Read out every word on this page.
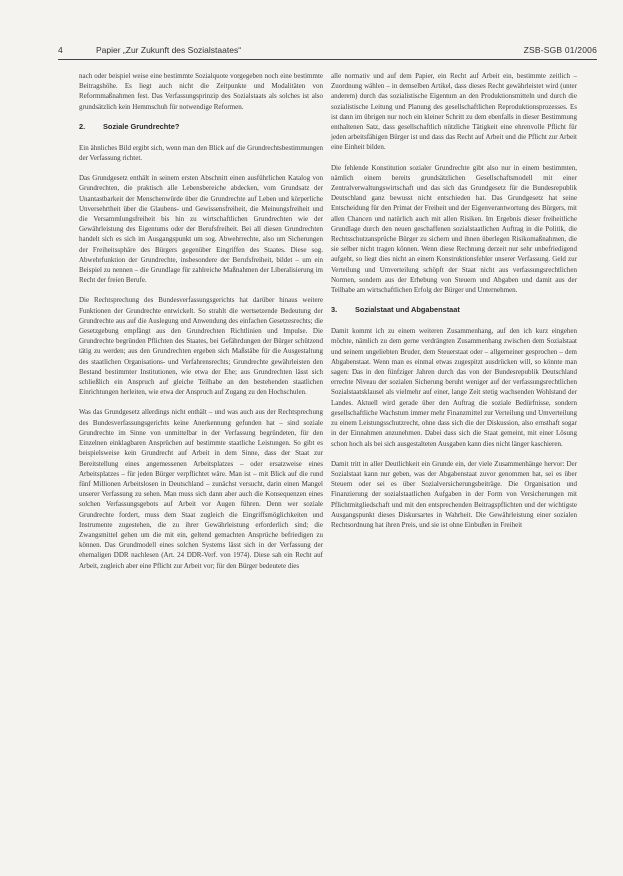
4	Papier „Zur Zukunft des Sozialstaates“	ZSB-SGB 01/2006

nach oder beispiel weise eine bestimmte Sozialquote vorgegeben noch eine bestimmte Beitragshöhe. Es liegt auch nicht die Zeitpunkte und Modalitäten von Reformmaßnahmen fest. Das Verfassungsprinzip des Sozialstaats als solches ist also grundsätzlich kein Hemmschuh für notwendige Reformen.

2. Soziale Grundrechte?

Ein ähnliches Bild ergibt sich, wenn man den Blick auf die Grundrechtsbestimmungen der Verfassung richtet.

Das Grundgesetz enthält in seinem ersten Abschnitt einen ausführlichen Katalog von Grundrechten, die praktisch alle Lebensbereiche abdecken, vom Grundsatz der Unantastbarkeit der Menschenwürde über die Grundrechte auf Leben und körperliche Unversehrtheit über die Glaubens- und Gewissensfreiheit, die Meinungsfreiheit und die Versammlungsfreiheit bis hin zu wirtschaftlichen Grundrechten wie der Gewährleistung des Eigentums oder der Berufsfreiheit. Bei all diesen Grundrechten handelt sich es sich im Ausgangspunkt um sog. Abwehrrechte, also um Sicherungen der Freiheitssphäre des Bürgers gegenüber Eingriffen des Staates. Diese sog. Abwehrfunktion der Grundrechte, insbesondere der Berufsfreiheit, bildet – um ein Beispiel zu nennen – die Grundlage für zahlreiche Maßnahmen der Liberalisierung im Recht der freien Berufe.

Die Rechtsprechung des Bundesverfassungsgerichts hat darüber hinaus weitere Funktionen der Grundrechte entwickelt. So strahlt die wertsetzende Bedeutung der Grundrechte aus auf die Auslegung und Anwendung des einfachen Gesetzesrechts; die Gesetzgebung empfängt aus den Grundrechten Richtlinien und Impulse. Die Grundrechte begründen Pflichten des Staates, bei Gefährdungen der Bürger schützend tätig zu werden; aus den Grundrechten ergeben sich Maßstäbe für die Ausgestaltung des staatlichen Organisations- und Verfahrensrechts; Grundrechte gewährleisten den Bestand bestimmter Institutionen, wie etwa der Ehe; aus Grundrechten lässt sich schließlich ein Anspruch auf gleiche Teilhabe an den bestehenden staatlichen Einrichtungen herleiten, wie etwa der Anspruch auf Zugang zu den Hochschulen.

Was das Grundgesetz allerdings nicht enthält – und was auch aus der Rechtsprechung des Bundesverfassungsgerichts keine Anerkennung gefunden hat – sind soziale Grundrechte im Sinne von unmittelbar in der Verfassung begründeten, für den Einzelnen einklagbaren Ansprüchen auf bestimmte staatliche Leistungen. So gibt es beispielsweise kein Grundrecht auf Arbeit in dem Sinne, dass der Staat zur Bereitstellung eines angemessenen Arbeitsplatzes – oder ersatzweise eines Arbeitsplatzes – für jeden Bürger verpflichtet wäre. Man ist – mit Blick auf die rund fünf Millionen Arbeitslosen in Deutschland – zunächst versucht, darin einen Mangel unserer Verfassung zu sehen. Man muss sich dann aber auch die Konsequenzen eines solchen Verfassungsgebots auf Arbeit vor Augen führen. Denn wer soziale Grundrechte fordert, muss dem Staat zugleich die Eingriffsmöglichkeiten und Instrumente zugestehen, die zu ihrer Gewährleistung erforderlich sind; die Zwangsmittel gehen um die mit ein, geltend gemachten Ansprüche befriedigen zu können. Das Grundmodell eines solchen Systems lässt sich in der Verfassung der ehemaligen DDR nachlesen (Art. 24 DDR-Verf. von 1974). Diese sah ein Recht auf Arbeit, zugleich aber eine Pflicht zur Arbeit vor; für den Bürger bedeutete dies

alle normativ und auf dem Papier, ein Recht auf Arbeit ein, bestimmte zeitlich – Zuordnung wählen – in demselben Artikel, dass dieses Recht gewährleistet wird (unter anderem) durch das sozialistische Eigentum an den Produktionsmitteln und durch die sozialistische Leitung und Planung des gesellschaftlichen Reproduktionsprozesses. Es ist dann im übrigen nur noch ein kleiner Schritt zu dem ebenfalls in dieser Bestimmung enthaltenen Satz, dass gesellschaftlich nützliche Tätigkeit eine ehrenvolle Pflicht für jeden arbeitsfähigen Bürger ist und dass das Recht auf Arbeit und die Pflicht zur Arbeit eine Einheit bilden.

Die fehlende Konstitution sozialer Grundrechte gibt also nur in einem bestimmten, nämlich einem bereits grundsätzlichen Gesellschaftsmodell mit einer Zentralverwaltungswirtschaft und das sich das Grundgesetz für die Bundesrepublik Deutschland ganz bewusst nicht entschieden hat. Das Grundgesetz hat seine Entscheidung für den Primat der Freiheit und der Eigenverantwortung des Bürgers, mit allen Chancen und natürlich auch mit allen Risiken. Im Ergebnis dieser freiheitliche Grundlage durch den neuen geschaffenen sozialstaatlichen Auftrag in die Politik, die Rechtsschutzansprüche Bürger zu sichern und ihnen überlegen Risikomaßnahmen, die sie selber nicht tragen können. Wenn diese Rechnung derzeit nur sehr unbefriedigend aufgeht, so liegt dies nicht an einem Konstruktionsfehler unserer Verfassung. Geld zur Verteilung und Umverteilung schöpft der Staat nicht aus verfassungsrechtlichen Normen, sondern aus der Erhebung von Steuern und Abgaben und damit aus der Teilhabe am wirtschaftlichen Erfolg der Bürger und Unternehmen.

3. Sozialstaat und Abgabenstaat

Damit kommt ich zu einem weiteren Zusammenhang, auf den ich kurz eingehen möchte, nämlich zu dem gerne verdrängten Zusammenhang zwischen dem Sozialstaat und seinem ungeliebten Bruder, dem Steuerstaat oder – allgemeiner gesprochen – dem Abgabenstaat. Wenn man es einmal etwas zugespitzt ausdrücken will, so könnte man sagen: Das in den fünfziger Jahren durch das von der Bundesrepublik Deutschland errechte Niveau der sozialen Sicherung beruht weniger auf der verfassungsrechtlichen Sozialstaatsklausel als vielmehr auf einer, lange Zeit stetig wachsenden Wohlstand der Landes. Aktuell wird gerade über den Auftrag die soziale Bedürfnisse, sondern gesellschaftliche Wachstum immer mehr Finanzmittel zur Verteilung und Umverteilung zu einem Leistungsschutzrecht, ohne dass sich die der Diskussion, also ernsthaft sogar in der Einnahmen anzunehmen. Dabei dass sich die Staat gemeint, mit einer Lösung schon hoch als bei sich ausgestalteten Ausgaben kann dies nicht länger kaschieren.

Damit tritt in aller Deutlichkeit ein Grunde ein, der viele Zusammenhänge hervor: Der Sozialstaat kann nur geben, was der Abgabenstaat zuvor genommen hat, sei es über Steuern oder sei es über Sozialversicherungsbeiträge. Die Organisation und Finanzierung der sozialstaatlichen Aufgaben in der Form von Versicherungen mit Pflichtmitgliedschaft und mit den entsprechenden Beitragspflichten und der wichtigste Ausgangspunkt dieses Diskursartes in Wahrheit. Die Gewährleistung einer sozialen Rechtsordnung hat ihren Preis, und sie ist ohne Einbußen in Freiheit
